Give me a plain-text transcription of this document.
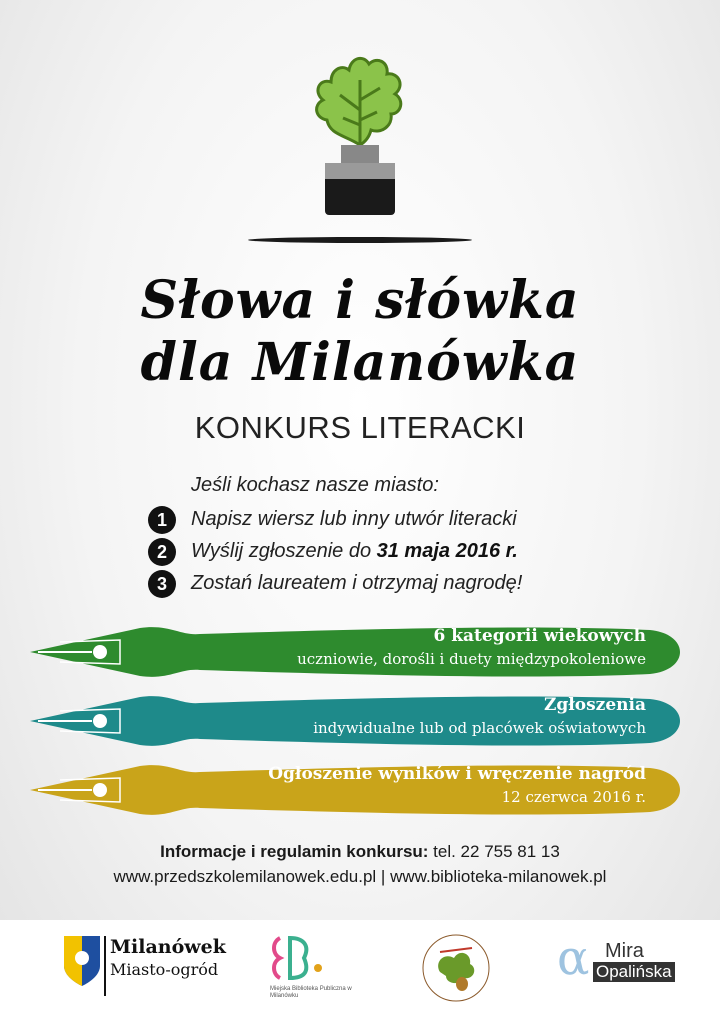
Słowa i słówka
dla Milanówka
KONKURS LITERACKI
Jeśli kochasz nasze miasto:
1	Napisz wiersz lub inny utwór literacki
2	Wyślij zgłoszenie do 31 maja 2016 r.
3	Zostań laureatem i otrzymaj nagrodę!
6 kategorii wiekowych
uczniowie, dorośli i duety międzypokoleniowe
Zgłoszenia
indywidualne lub od placówek oświatowych
Ogłoszenie wyników i wręczenie nagród
12 czerwca 2016 r.
Informacje i regulamin konkursu: tel. 22 755 81 13
www.przedszkolemilanowek.edu.pl | www.biblioteka-milanowek.pl
Milanówek
Miasto-ogród
Miejska Biblioteka Publiczna w Milanówku
α Mira
Opalińska
